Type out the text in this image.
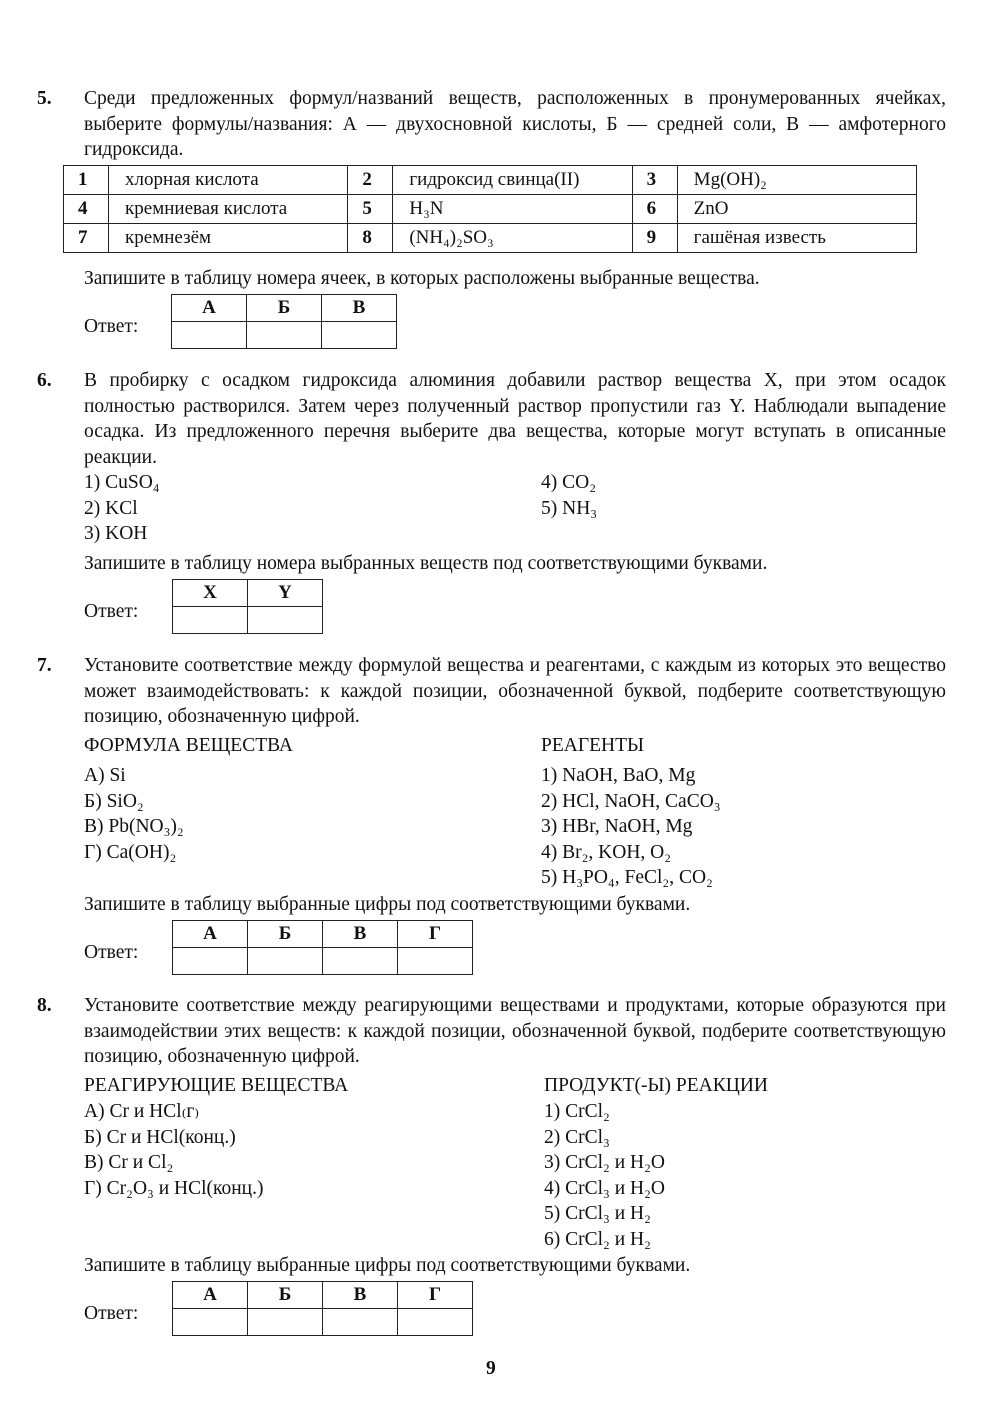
5. Среди предложенных формул/названий веществ, расположенных в пронумерованных ячейках, выберите формулы/названия: А — двухосновной кислоты, Б — средней соли, В — амфотерного гидроксида.
1	хлорная кислота	2	гидроксид свинца(II)	3	Mg(OH)₂
4	кремниевая кислота	5	H₃N	6	ZnO
7	кремнезём	8	(NH₄)₂SO₃	9	гашёная известь
Запишите в таблицу номера ячеек, в которых расположены выбранные вещества.
Ответ:
А	Б	В

6. В пробирку с осадком гидроксида алюминия добавили раствор вещества X, при этом осадок полностью растворился. Затем через полученный раствор пропустили газ Y. Наблюдали выпадение осадка. Из предложенного перечня выберите два вещества, которые могут вступать в описанные реакции.
1) CuSO₄
2) KCl
3) KOH
4) CO₂
5) NH₃
Запишите в таблицу номера выбранных веществ под соответствующими буквами.
Ответ:
X	Y

7. Установите соответствие между формулой вещества и реагентами, с каждым из которых это вещество может взаимодействовать: к каждой позиции, обозначенной буквой, подберите соответствующую позицию, обозначенную цифрой.
ФОРМУЛА ВЕЩЕСТВА	РЕАГЕНТЫ
А) Si
Б) SiO₂
В) Pb(NO₃)₂
Г) Ca(OH)₂
1) NaOH, BaO, Mg
2) HCl, NaOH, CaCO₃
3) HBr, NaOH, Mg
4) Br₂, KOH, O₂
5) H₃PO₄, FeCl₂, CO₂
Запишите в таблицу выбранные цифры под соответствующими буквами.
Ответ:
А	Б	В	Г

8. Установите соответствие между реагирующими веществами и продуктами, которые образуются при взаимодействии этих веществ: к каждой позиции, обозначенной буквой, подберите соответствующую позицию, обозначенную цифрой.
РЕАГИРУЮЩИЕ ВЕЩЕСТВА	ПРОДУКТ(-Ы) РЕАКЦИИ
А) Cr и HCl₍г₎
Б) Cr и HCl(конц.)
В) Cr и Cl₂
Г) Cr₂O₃ и HCl(конц.)
1) CrCl₂
2) CrCl₃
3) CrCl₂ и H₂O
4) CrCl₃ и H₂O
5) CrCl₃ и H₂
6) CrCl₂ и H₂
Запишите в таблицу выбранные цифры под соответствующими буквами.
Ответ:
А	Б	В	Г

9
